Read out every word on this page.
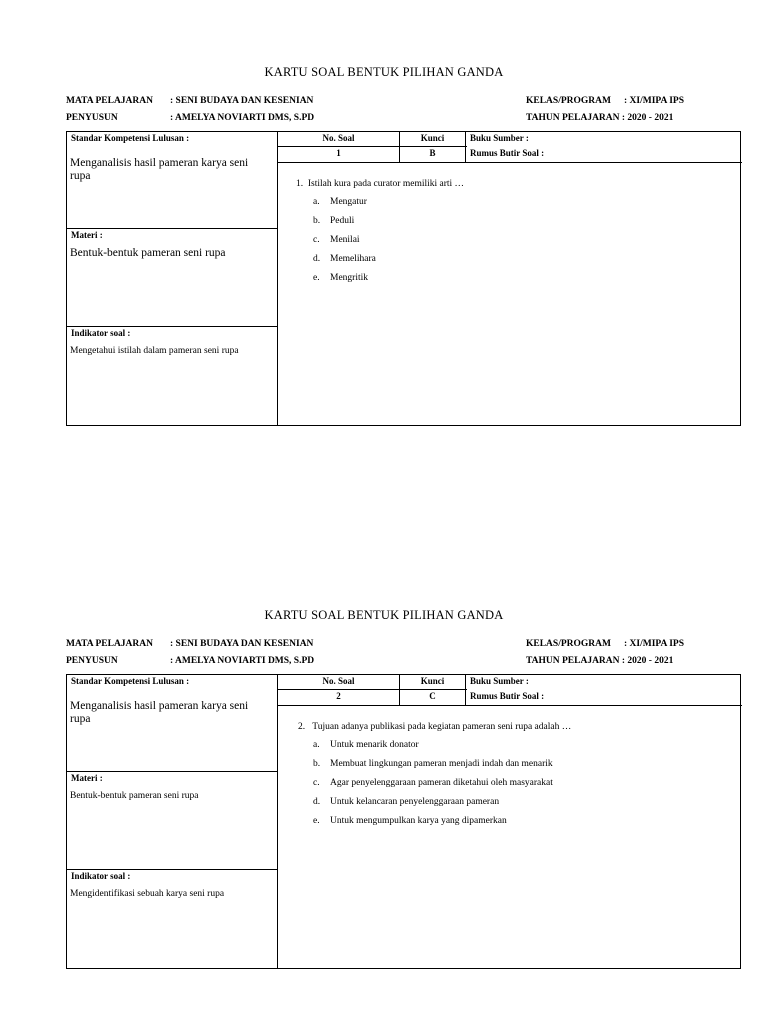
KARTU SOAL BENTUK PILIHAN GANDA
MATA PELAJARAN : SENI BUDAYA DAN KESENIAN
PENYUSUN	: AMELYA NOVIARTI DMS, S.PD
KELAS/PROGRAM : XI/MIPA IPS
TAHUN PELAJARAN : 2020 - 2021
Standar Kompetensi Lulusan :
Menganalisis hasil pameran karya seni rupa
Materi :
Bentuk-bentuk pameran seni rupa
Indikator soal :
Mengetahui istilah dalam pameran seni rupa
No. Soal	Kunci	Buku Sumber :
1	B	Rumus Butir Soal :
1. Istilah kura pada curator memiliki arti …
a. Mengatur
b. Peduli
c. Menilai
d. Memelihara
e. Mengritik
KARTU SOAL BENTUK PILIHAN GANDA
MATA PELAJARAN : SENI BUDAYA DAN KESENIAN
PENYUSUN	: AMELYA NOVIARTI DMS, S.PD
KELAS/PROGRAM : XI/MIPA IPS
TAHUN PELAJARAN : 2020 - 2021
Standar Kompetensi Lulusan :
Menganalisis hasil pameran karya seni rupa
Materi :
Bentuk-bentuk pameran seni rupa
Indikator soal :
Mengidentifikasi sebuah karya seni rupa
No. Soal	Kunci	Buku Sumber :
2	C	Rumus Butir Soal :
2. Tujuan adanya publikasi pada kegiatan pameran seni rupa adalah …
a. Untuk menarik donator
b. Membuat lingkungan pameran menjadi indah dan menarik
c. Agar penyelenggaraan pameran diketahui oleh masyarakat
d. Untuk kelancaran penyelenggaraan pameran
e. Untuk mengumpulkan karya yang dipamerkan
